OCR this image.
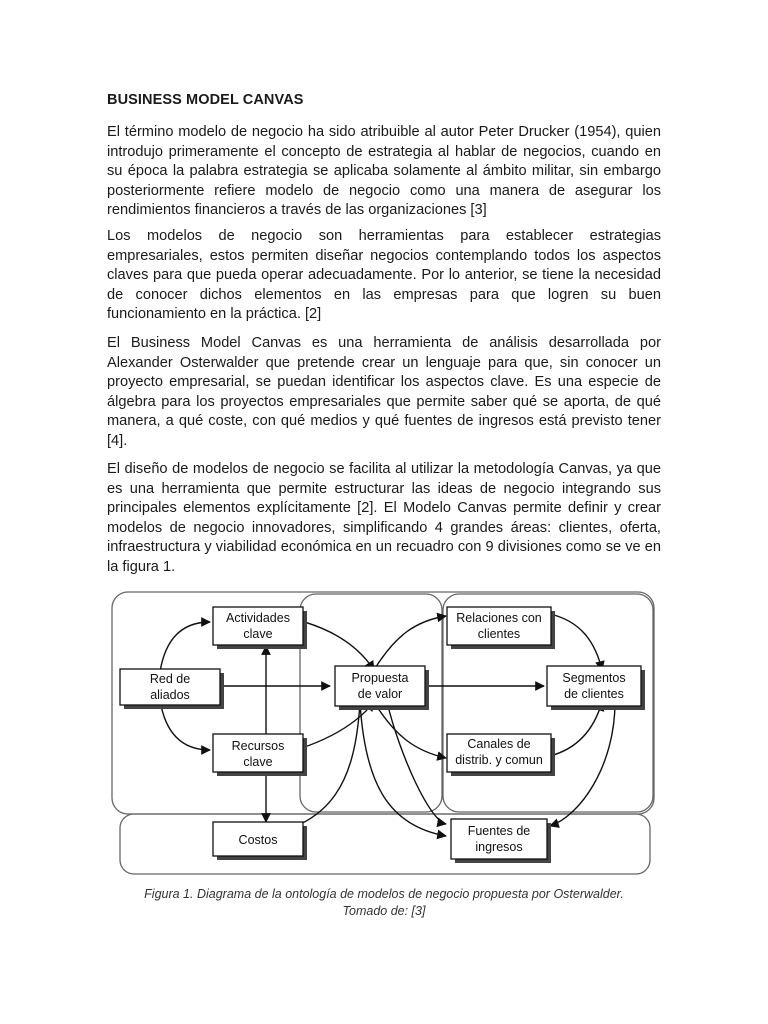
BUSINESS MODEL CANVAS

El término modelo de negocio ha sido atribuible al autor Peter Drucker (1954), quien introdujo primeramente el concepto de estrategia al hablar de negocios, cuando en su época la palabra estrategia se aplicaba solamente al ámbito militar, sin embargo posteriormente refiere modelo de negocio como una manera de asegurar los rendimientos financieros a través de las organizaciones [3]

Los modelos de negocio son herramientas para establecer estrategias empresariales, estos permiten diseñar negocios contemplando todos los aspectos claves para que pueda operar adecuadamente. Por lo anterior, se tiene la necesidad de conocer dichos elementos en las empresas para que logren su buen funcionamiento en la práctica. [2]

El Business Model Canvas es una herramienta de análisis desarrollada por Alexander Osterwalder que pretende crear un lenguaje para que, sin conocer un proyecto empresarial, se puedan identificar los aspectos clave. Es una especie de álgebra para los proyectos empresariales que permite saber qué se aporta, de qué manera, a qué coste, con qué medios y qué fuentes de ingresos está previsto tener [4].

El diseño de modelos de negocio se facilita al utilizar la metodología Canvas, ya que es una herramienta que permite estructurar las ideas de negocio integrando sus principales elementos explícitamente [2]. El Modelo Canvas permite definir y crear modelos de negocio innovadores, simplificando 4 grandes áreas: clientes, oferta, infraestructura y viabilidad económica en un recuadro con 9 divisiones como se ve en la figura 1.

Actividades
clave
Red de
aliados
Recursos
clave
Costos
Propuesta
de valor
Relaciones con
clientes
Segmentos
de clientes
Canales de
distrib. y comun
Fuentes de
ingresos
Figura 1. Diagrama de la ontología de modelos de negocio propuesta por Osterwalder.
Tomado de: [3]
